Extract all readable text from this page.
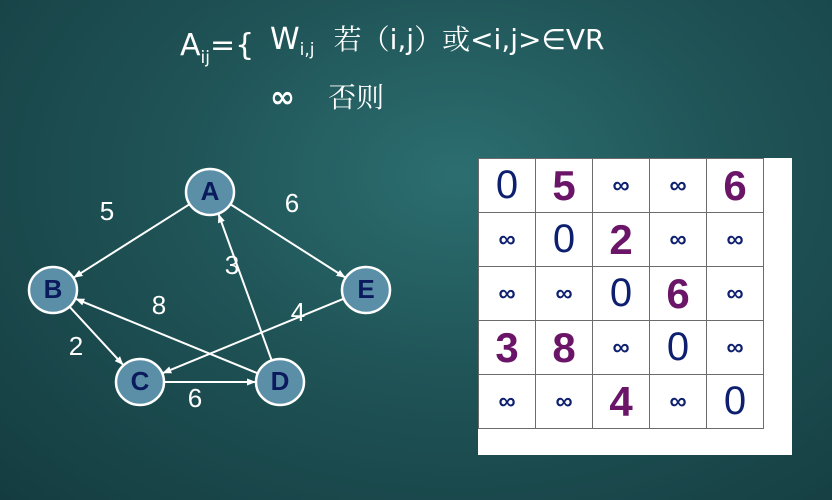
Aij={ Wi,j 若（i,j）或<i,j>∈VR
∞ 否则
5	6
3
8	4
2
6
A
B
C	D
E
0	5	∞	∞	6
∞	0	2	∞	∞
∞	∞	0	6	∞
3	8	∞	0	∞
∞	∞	4	∞	0
